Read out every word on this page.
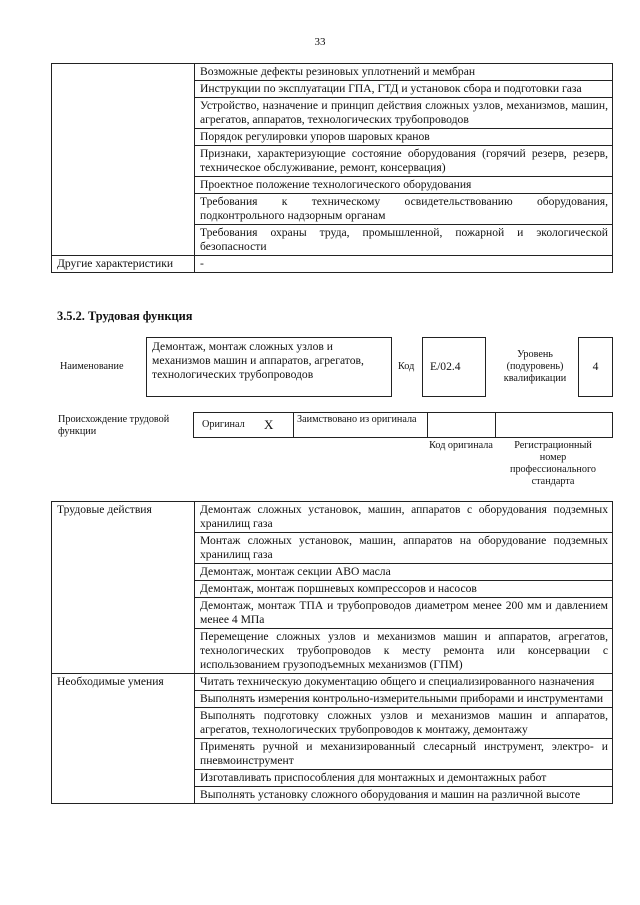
33
	Возможные дефекты резиновых уплотнений и мембран
	Инструкции по эксплуатации ГПА, ГТД и установок сбора и подготовки газа
	Устройство, назначение и принцип действия сложных узлов, механизмов, машин, агрегатов, аппаратов, технологических трубопроводов
	Порядок регулировки упоров шаровых кранов
	Признаки, характеризующие состояние оборудования (горячий резерв, резерв, техническое обслуживание, ремонт, консервация)
	Проектное положение технологического оборудования
	Требования к техническому освидетельствованию оборудования, подконтрольного надзорным органам
	Требования охраны труда, промышленной, пожарной и экологической безопасности
Другие характеристики	-
3.5.2. Трудовая функция
Наименование
Демонтаж, монтаж сложных узлов и механизмов машин и аппаратов, агрегатов, технологических трубопроводов
Код	E/02.4
Уровень (подуровень) квалификации
4
Происхождение трудовой функции
Оригинал X Заимствовано из оригинала
Код оригинала	Регистрационный номер профессионального стандарта
Трудовые действия	Демонтаж сложных установок, машин, аппаратов с оборудования подземных хранилищ газа
	Монтаж сложных установок, машин, аппаратов на оборудование подземных хранилищ газа
	Демонтаж, монтаж секции АВО масла
	Демонтаж, монтаж поршневых компрессоров и насосов
	Демонтаж, монтаж ТПА и трубопроводов диаметром менее 200 мм и давлением менее 4 МПа
	Перемещение сложных узлов и механизмов машин и аппаратов, агрегатов, технологических трубопроводов к месту ремонта или консервации с использованием грузоподъемных механизмов (ГПМ)
Необходимые умения	Читать техническую документацию общего и специализированного назначения
	Выполнять измерения контрольно-измерительными приборами и инструментами
	Выполнять подготовку сложных узлов и механизмов машин и аппаратов, агрегатов, технологических трубопроводов к монтажу, демонтажу
	Применять ручной и механизированный слесарный инструмент, электро- и пневмоинструмент
	Изготавливать приспособления для монтажных и демонтажных работ
	Выполнять установку сложного оборудования и машин на различной высоте
